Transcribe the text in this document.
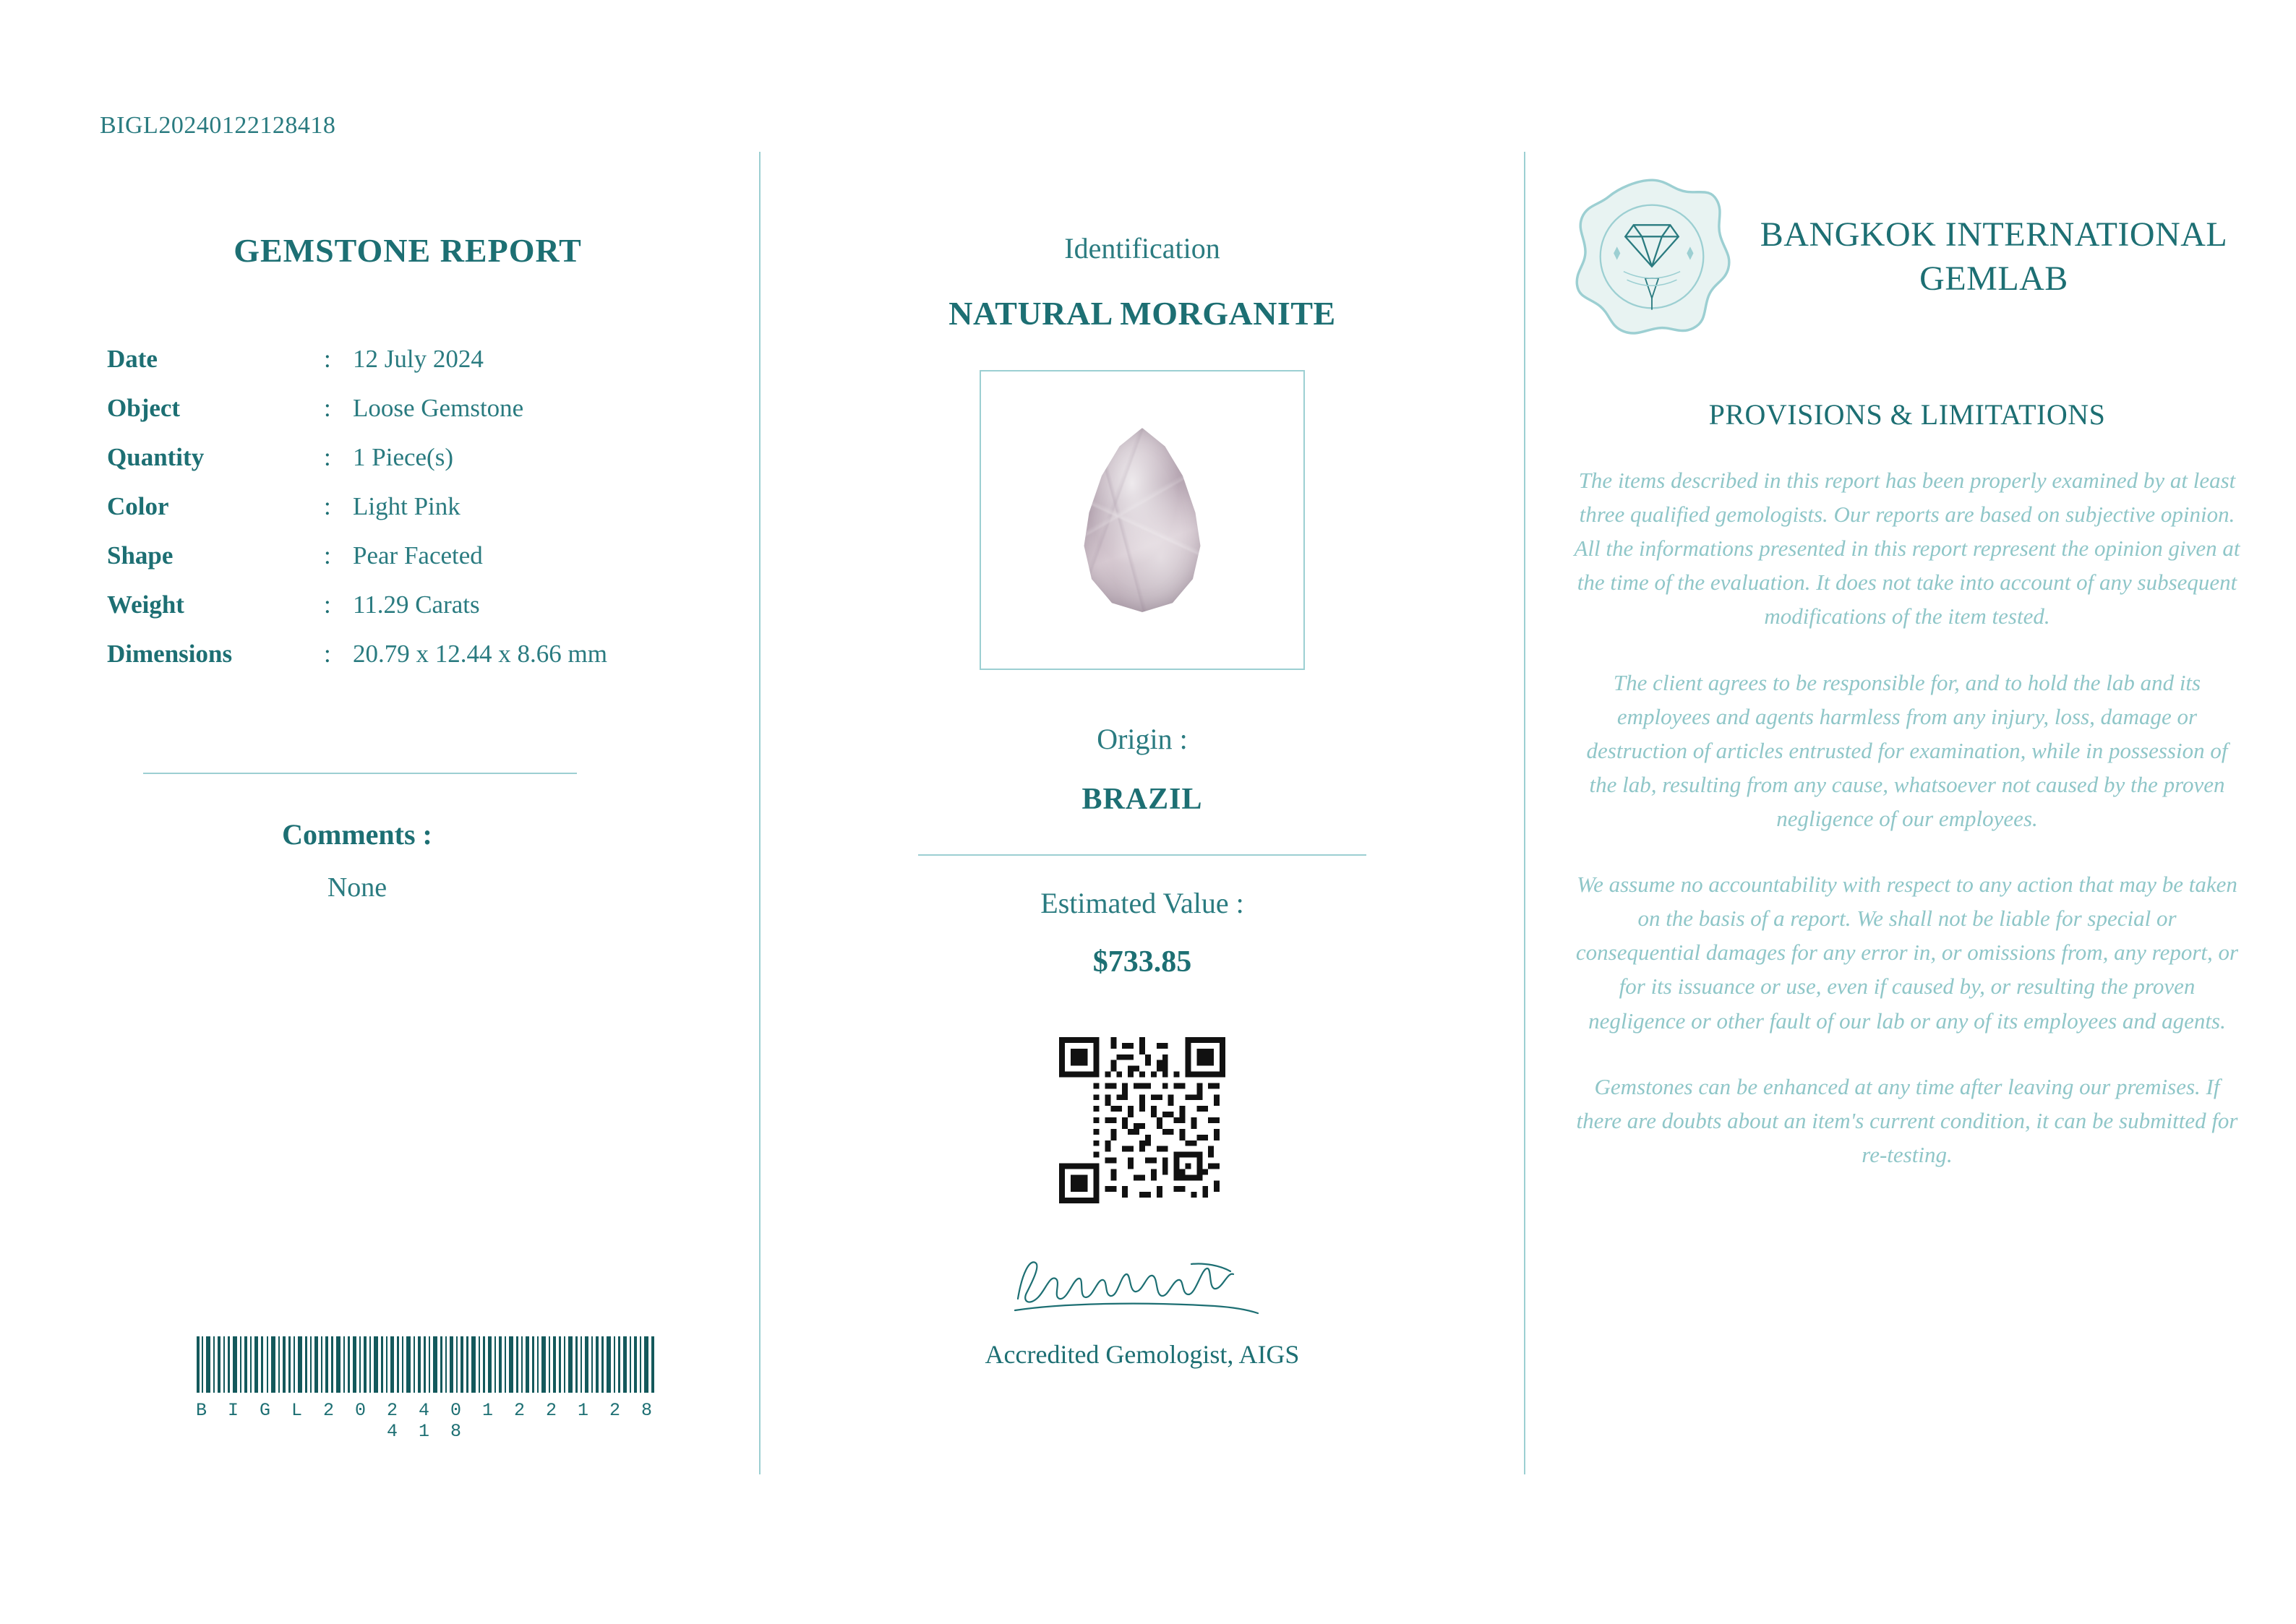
BIGL20240122128418
GEMSTONE REPORT
Date	:	12 July 2024
Object	:	Loose Gemstone
Quantity	:	1 Piece(s)
Color	:	Light Pink
Shape	:	Pear Faceted
Weight	:	11.29 Carats
Dimensions	:	20.79 x 12.44 x 8.66 mm
Comments :
None
B I G L 2 0 2 4 0 1 2 2 1 2 8 4 1 8
Identification
NATURAL MORGANITE
Origin :
BRAZIL
Estimated Value :
$733.85
Accredited Gemologist, AIGS
BANGKOK INTERNATIONAL GEMLAB
PROVISIONS & LIMITATIONS
The items described in this report has been properly examined by at least three qualified gemologists. Our reports are based on subjective opinion. All the informations presented in this report represent the opinion given at the time of the evaluation. It does not take into account of any subsequent modifications of the item tested.
The client agrees to be responsible for, and to hold the lab and its employees and agents harmless from any injury, loss, damage or destruction of articles entrusted for examination, while in possession of the lab, resulting from any cause, whatsoever not caused by the proven negligence of our employees.
We assume no accountability with respect to any action that may be taken on the basis of a report. We shall not be liable for special or consequential damages for any error in, or omissions from, any report, or for its issuance or use, even if caused by, or resulting the proven negligence or other fault of our lab or any of its employees and agents.
Gemstones can be enhanced at any time after leaving our premises. If there are doubts about an item's current condition, it can be submitted for re-testing.
